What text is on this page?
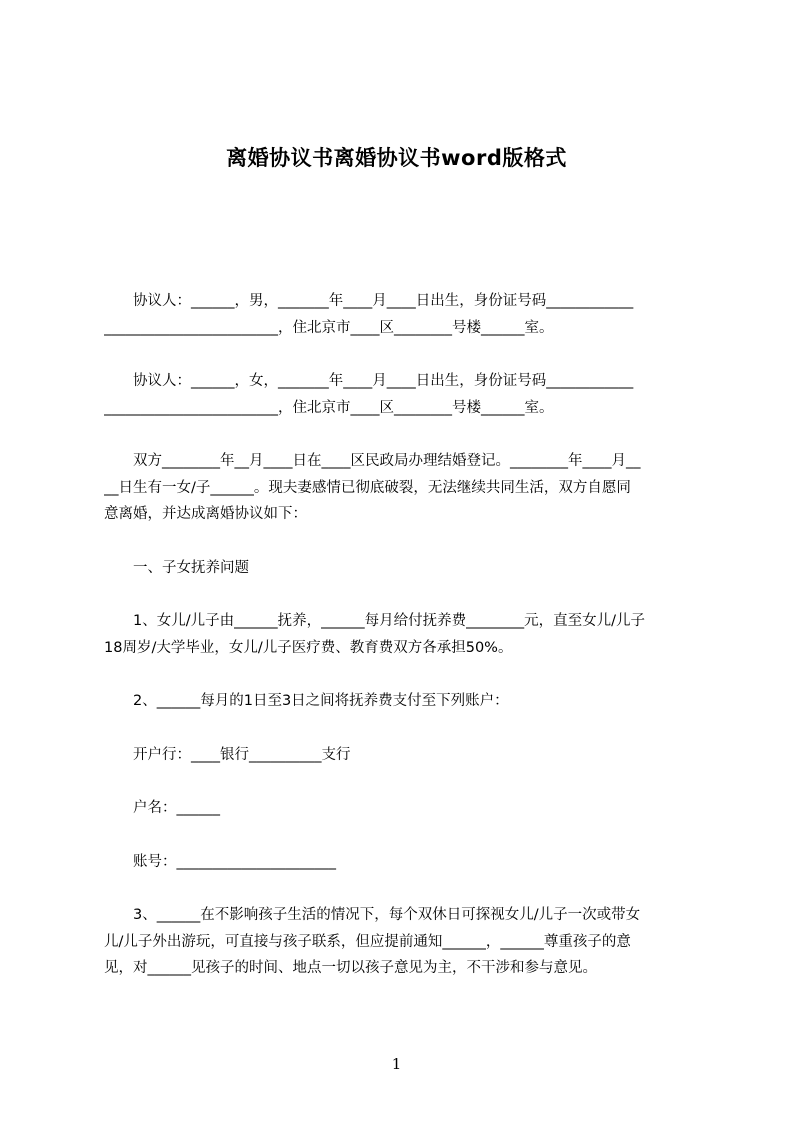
离婚协议书离婚协议书word版格式
　　协议人：______，男，_______年____月____日出生，身份证号码____________
________________________，住北京市____区________号楼______室。
　　协议人：______，女，_______年____月____日出生，身份证号码____________
________________________，住北京市____区________号楼______室。
　　双方________年__月____日在____区民政局办理结婚登记。________年____月__
__日生有一女/子______。现夫妻感情已彻底破裂，无法继续共同生活，双方自愿同
意离婚，并达成离婚协议如下：
　　一、子女抚养问题
　　1、女儿/儿子由______抚养，______每月给付抚养费________元，直至女儿/儿子
18周岁/大学毕业，女儿/儿子医疗费、教育费双方各承担50%。
　　2、______每月的1日至3日之间将抚养费支付至下列账户：
　　开户行：____银行__________支行
　　户名：______
　　账号：______________________
　　3、______在不影响孩子生活的情况下，每个双休日可探视女儿/儿子一次或带女
儿/儿子外出游玩，可直接与孩子联系，但应提前通知______，______尊重孩子的意
见，对______见孩子的时间、地点一切以孩子意见为主，不干涉和参与意见。
1
